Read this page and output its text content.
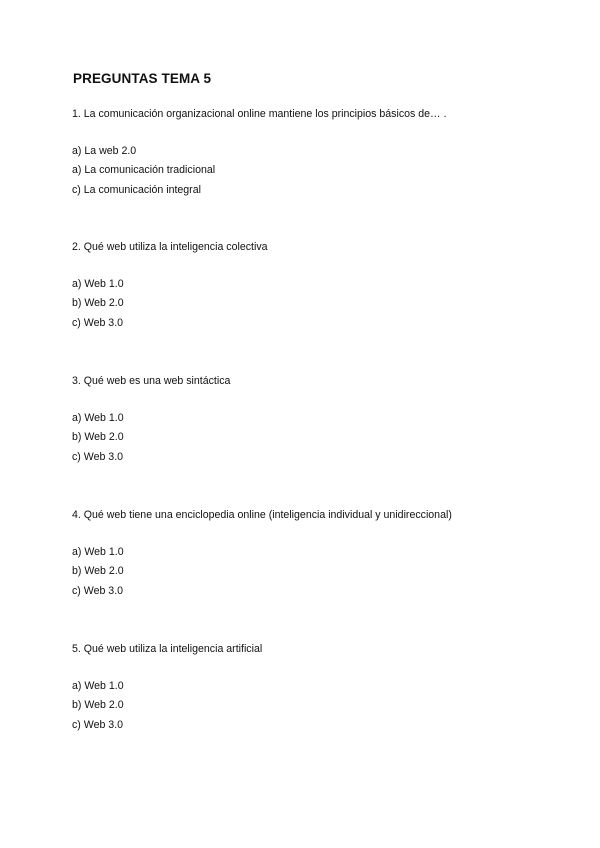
PREGUNTAS TEMA 5
1. La comunicación organizacional online mantiene los principios básicos de… .
a) La web 2.0
a) La comunicación tradicional
c) La comunicación integral
2. Qué web utiliza la inteligencia colectiva
a) Web 1.0
b) Web 2.0
c) Web 3.0
3. Qué web es una web sintáctica
a) Web 1.0
b) Web 2.0
c) Web 3.0
4. Qué web tiene una enciclopedia online (inteligencia individual y unidireccional)
a) Web 1.0
b) Web 2.0
c) Web 3.0
5. Qué web utiliza la inteligencia artificial
a) Web 1.0
b) Web 2.0
c) Web 3.0
